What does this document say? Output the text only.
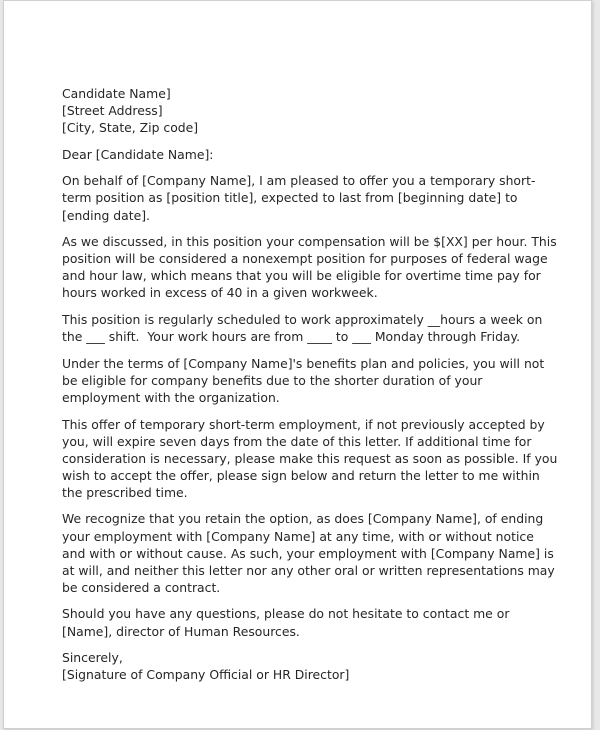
Candidate Name]
[Street Address]
[City, State, Zip code]
Dear [Candidate Name]:
On behalf of [Company Name], I am pleased to offer you a temporary short-
term position as [position title], expected to last from [beginning date] to
[ending date].
As we discussed, in this position your compensation will be $[XX] per hour. This
position will be considered a nonexempt position for purposes of federal wage
and hour law, which means that you will be eligible for overtime time pay for
hours worked in excess of 40 in a given workweek.
This position is regularly scheduled to work approximately __hours a week on
the ___ shift.  Your work hours are from ____ to ___ Monday through Friday.
Under the terms of [Company Name]'s benefits plan and policies, you will not
be eligible for company benefits due to the shorter duration of your
employment with the organization.
This offer of temporary short-term employment, if not previously accepted by
you, will expire seven days from the date of this letter. If additional time for
consideration is necessary, please make this request as soon as possible. If you
wish to accept the offer, please sign below and return the letter to me within
the prescribed time.
We recognize that you retain the option, as does [Company Name], of ending
your employment with [Company Name] at any time, with or without notice
and with or without cause. As such, your employment with [Company Name] is
at will, and neither this letter nor any other oral or written representations may
be considered a contract.
Should you have any questions, please do not hesitate to contact me or
[Name], director of Human Resources.
Sincerely,
[Signature of Company Official or HR Director]
